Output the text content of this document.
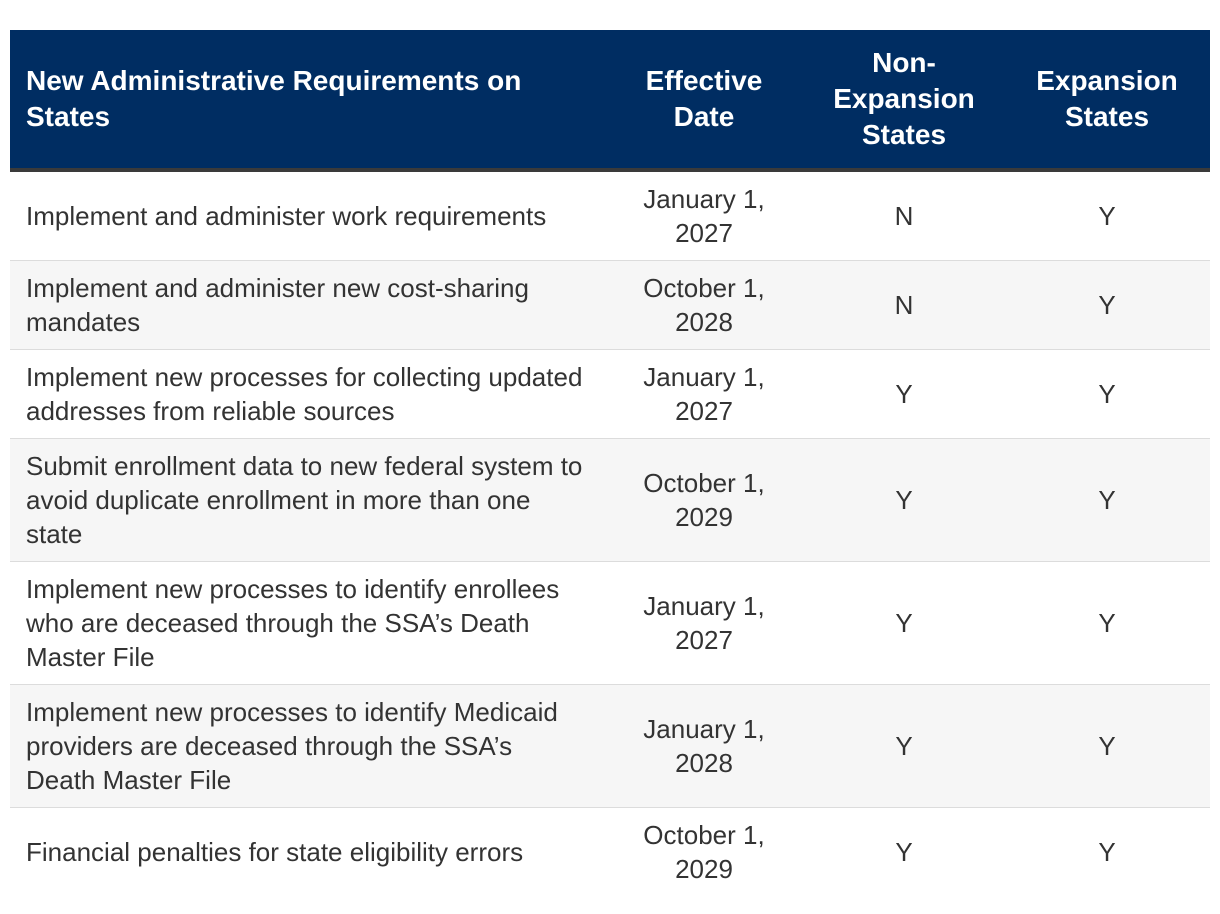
New Administrative Requirements on States	Effective Date	Non-Expansion States	Expansion States
Implement and administer work requirements	January 1, 2027	N	Y
Implement and administer new cost-sharing mandates	October 1, 2028	N	Y
Implement new processes for collecting updated addresses from reliable sources	January 1, 2027	Y	Y
Submit enrollment data to new federal system to avoid duplicate enrollment in more than one state	October 1, 2029	Y	Y
Implement new processes to identify enrollees who are deceased through the SSA’s Death Master File	January 1, 2027	Y	Y
Implement new processes to identify Medicaid providers are deceased through the SSA’s Death Master File	January 1, 2028	Y	Y
Financial penalties for state eligibility errors	October 1, 2029	Y	Y
